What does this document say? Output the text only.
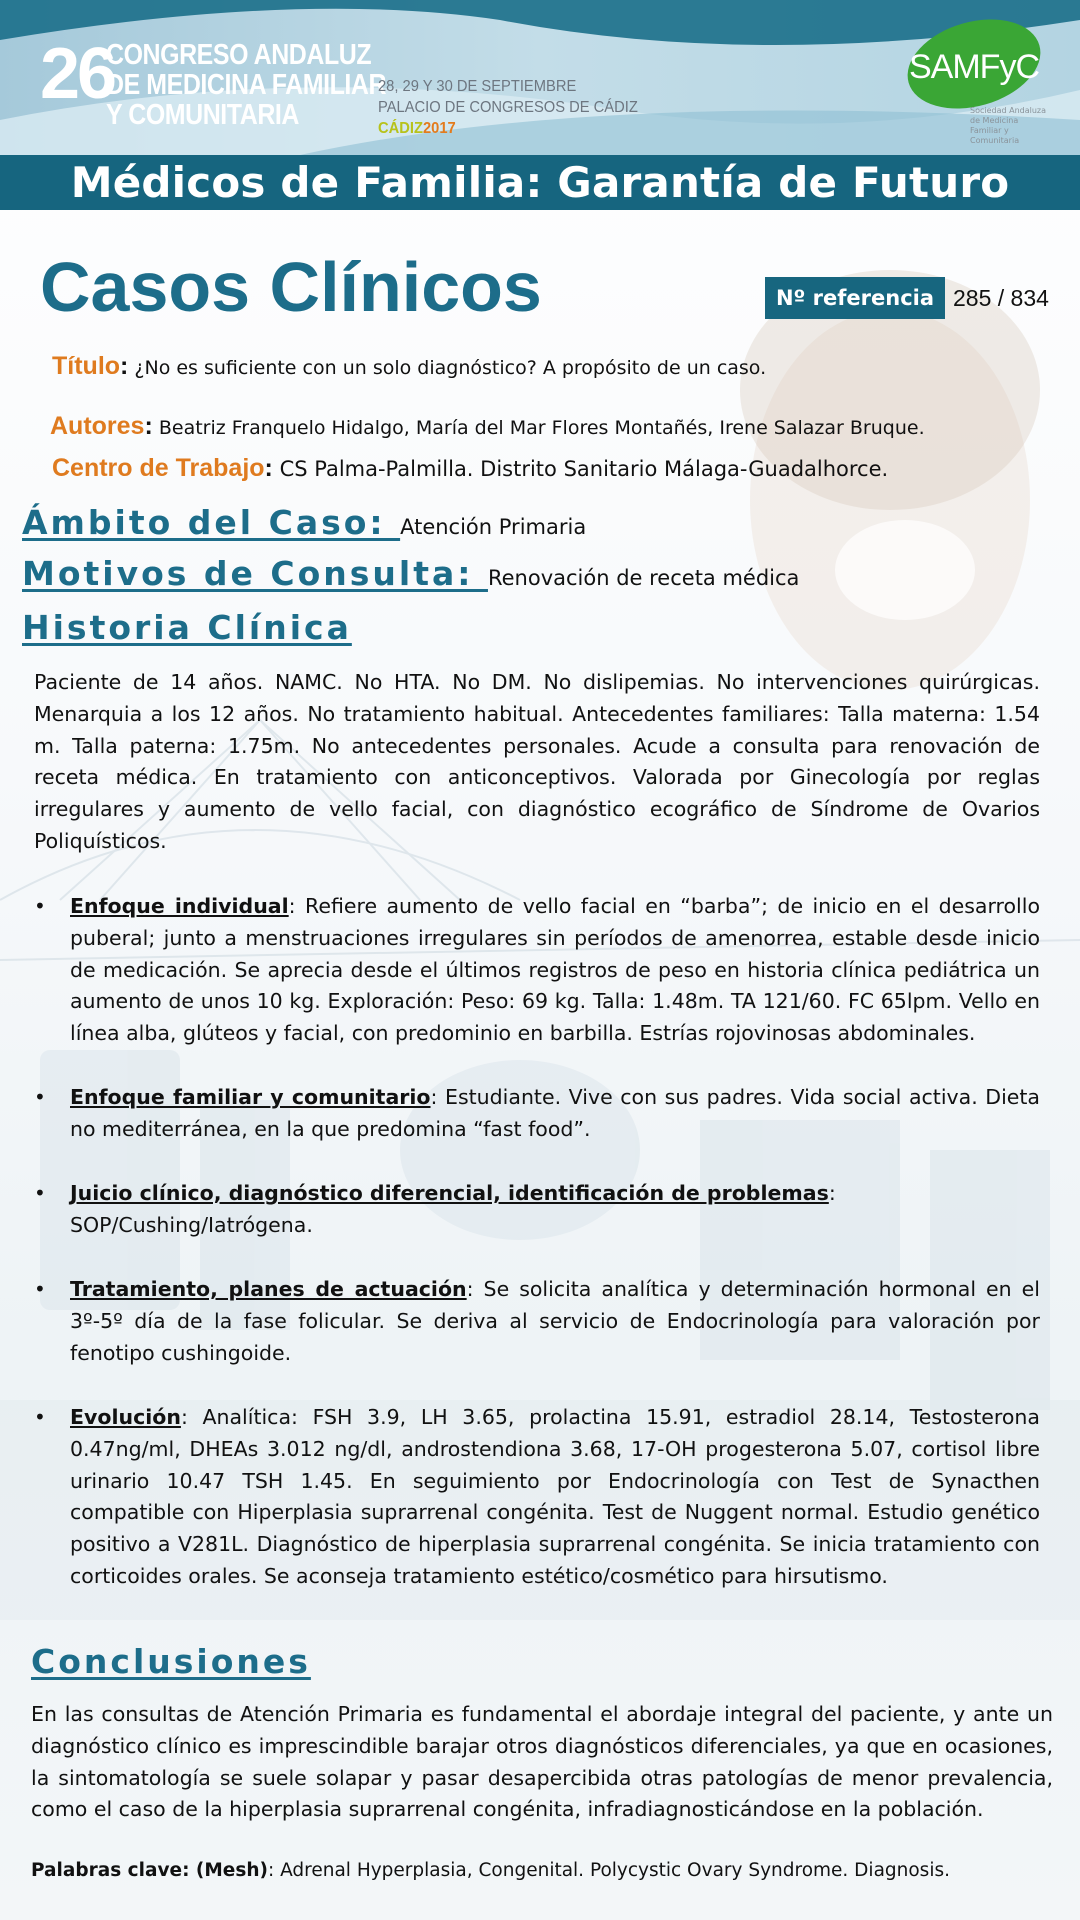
26
CONGRESO ANDALUZ
DE MEDICINA FAMILIAR
Y COMUNITARIA
28, 29 Y 30 DE SEPTIEMBRE
PALACIO DE CONGRESOS DE CÁDIZ
CÁDIZ2017
SAMFyC
Sociedad Andaluza de Medicina Familiar y Comunitaria
Médicos de Familia: Garantía de Futuro
Casos Clínicos	Nº referencia 285 / 834
Título: ¿No es suficiente con un solo diagnóstico? A propósito de un caso.
Autores: Beatriz Franquelo Hidalgo, María del Mar Flores Montañés, Irene Salazar Bruque.
Centro de Trabajo: CS Palma-Palmilla. Distrito Sanitario Málaga-Guadalhorce.
Ámbito del Caso: Atención Primaria
Motivos de Consulta: Renovación de receta médica
Historia Clínica
Paciente de 14 años. NAMC. No HTA. No DM. No dislipemias. No intervenciones quirúrgicas. Menarquia a los 12 años. No tratamiento habitual. Antecedentes familiares: Talla materna: 1.54 m. Talla paterna: 1.75m. No antecedentes personales. Acude a consulta para renovación de receta médica. En tratamiento con anticonceptivos. Valorada por Ginecología por reglas irregulares y aumento de vello facial, con diagnóstico ecográfico de Síndrome de Ovarios Poliquísticos.
•	Enfoque individual: Refiere aumento de vello facial en “barba”; de inicio en el desarrollo puberal; junto a menstruaciones irregulares sin períodos de amenorrea, estable desde inicio de medicación. Se aprecia desde el últimos registros de peso en historia clínica pediátrica un aumento de unos 10 kg. Exploración: Peso: 69 kg. Talla: 1.48m. TA 121/60. FC 65lpm. Vello en línea alba, glúteos y facial, con predominio en barbilla. Estrías rojovinosas abdominales.
•	Enfoque familiar y comunitario: Estudiante. Vive con sus padres. Vida social activa. Dieta no mediterránea, en la que predomina “fast food”.
•	Juicio clínico, diagnóstico diferencial, identificación de problemas: SOP/Cushing/Iatrógena.
•	Tratamiento, planes de actuación: Se solicita analítica y determinación hormonal en el 3º-5º día de la fase folicular. Se deriva al servicio de Endocrinología para valoración por fenotipo cushingoide.
•	Evolución: Analítica: FSH 3.9, LH 3.65, prolactina 15.91, estradiol 28.14, Testosterona 0.47ng/ml, DHEAs 3.012 ng/dl, androstendiona 3.68, 17-OH progesterona 5.07, cortisol libre urinario 10.47 TSH 1.45. En seguimiento por Endocrinología con Test de Synacthen compatible con Hiperplasia suprarrenal congénita. Test de Nuggent normal. Estudio genético positivo a V281L. Diagnóstico de hiperplasia suprarrenal congénita. Se inicia tratamiento con corticoides orales. Se aconseja tratamiento estético/cosmético para hirsutismo.
Conclusiones
En las consultas de Atención Primaria es fundamental el abordaje integral del paciente, y ante un diagnóstico clínico es imprescindible barajar otros diagnósticos diferenciales, ya que en ocasiones, la sintomatología se suele solapar y pasar desapercibida otras patologías de menor prevalencia, como el caso de la hiperplasia suprarrenal congénita, infradiagnosticándose en la población.
Palabras clave: (Mesh): Adrenal Hyperplasia, Congenital. Polycystic Ovary Syndrome. Diagnosis.
